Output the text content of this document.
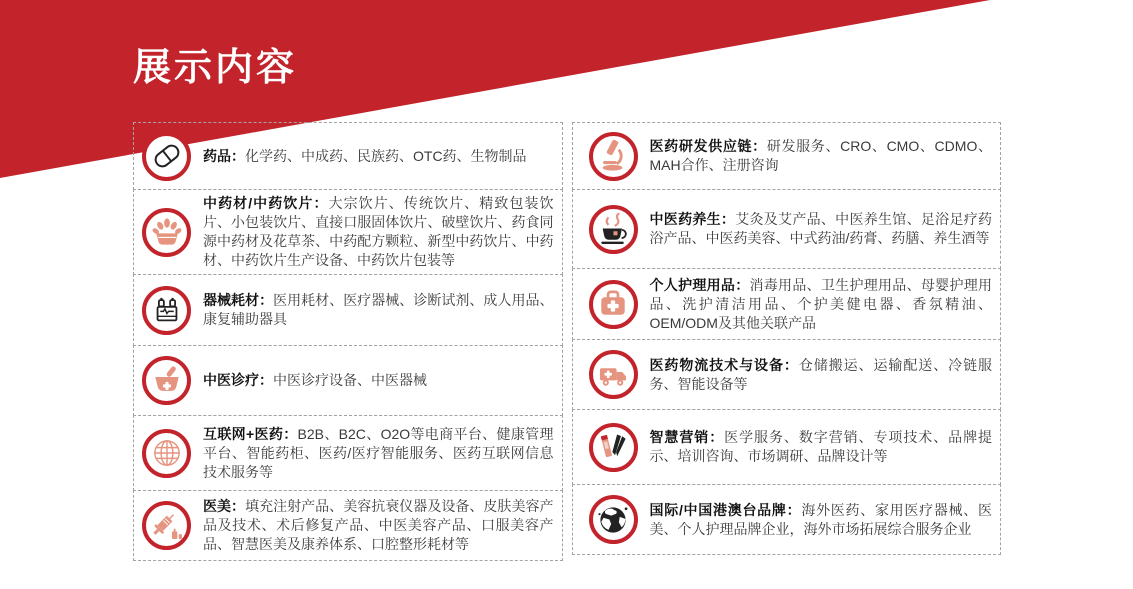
展示内容
药品：化学药、中成药、民族药、OTC药、生物制品
中药材/中药饮片：大宗饮片、传统饮片、精致包装饮片、小包装饮片、直接口服固体饮片、破壁饮片、药食同源中药材及花草茶、中药配方颗粒、新型中药饮片、中药材、中药饮片生产设备、中药饮片包装等
器械耗材：医用耗材、医疗器械、诊断试剂、成人用品、康复辅助器具
中医诊疗：中医诊疗设备、中医器械
互联网+医药：B2B、B2C、O2O等电商平台、健康管理平台、智能药柜、医药/医疗智能服务、医药互联网信息技术服务等
医美：填充注射产品、美容抗衰仪器及设备、皮肤美容产品及技术、术后修复产品、中医美容产品、口服美容产品、智慧医美及康养体系、口腔整形耗材等
医药研发供应链：研发服务、CRO、CMO、CDMO、MAH合作、注册咨询
中医药养生：艾灸及艾产品、中医养生馆、足浴足疗药浴产品、中医药美容、中式药油/药膏、药膳、养生酒等
个人护理用品：消毒用品、卫生护理用品、母婴护理用品、洗护清洁用品、个护美健电器、香氛精油、OEM/ODM及其他关联产品
医药物流技术与设备：仓储搬运、运输配送、冷链服务、智能设备等
智慧营销：医学服务、数字营销、专项技术、品牌提示、培训咨询、市场调研、品牌设计等
国际/中国港澳台品牌：海外医药、家用医疗器械、医美、个人护理品牌企业，海外市场拓展综合服务企业
